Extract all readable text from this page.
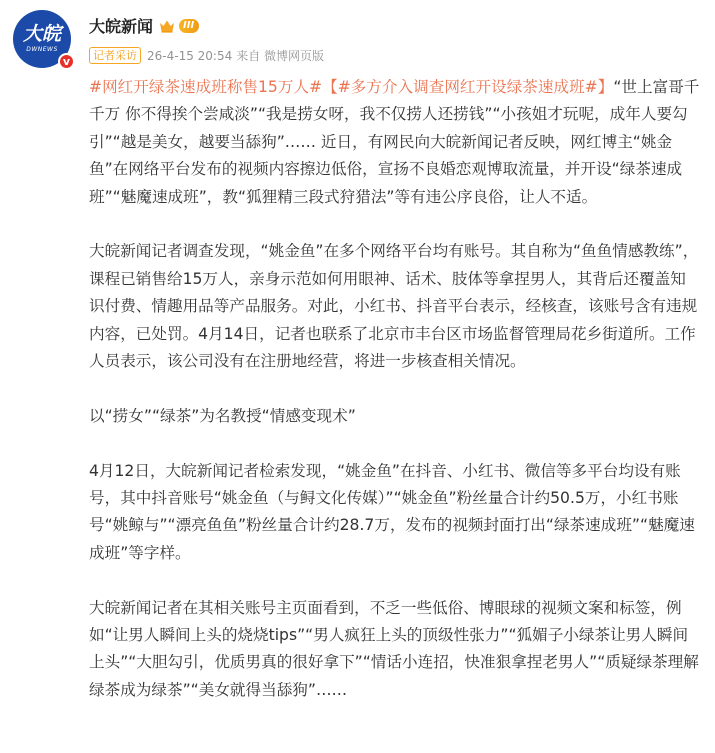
大皖
DWNEWS
v
大皖新闻	III
记者采访 26-4-15 20:54 来自 微博网页版

#网红开绿茶速成班称售15万人#【#多方介入调查网红开设绿茶速成班#】“世上富哥千千万 你不得挨个尝咸淡”“我是捞女呀，我不仅捞人还捞钱”“小孩姐才玩呢，成年人要勾引”“越是美女，越要当舔狗”…… 近日，有网民向大皖新闻记者反映，网红博主“姚金鱼”在网络平台发布的视频内容擦边低俗，宣扬不良婚恋观博取流量，并开设“绿茶速成班”“魅魔速成班”，教“狐狸精三段式狩猎法”等有违公序良俗，让人不适。

大皖新闻记者调查发现，“姚金鱼”在多个网络平台均有账号。其自称为“鱼鱼情感教练”，课程已销售给15万人，亲身示范如何用眼神、话术、肢体等拿捏男人，其背后还覆盖知识付费、情趣用品等产品服务。对此，小红书、抖音平台表示，经核查，该账号含有违规内容，已处罚。4月14日，记者也联系了北京市丰台区市场监督管理局花乡街道所。工作人员表示，该公司没有在注册地经营，将进一步核查相关情况。

以“捞女”“绿茶”为名教授“情感变现术”

4月12日，大皖新闻记者检索发现，“姚金鱼”在抖音、小红书、微信等多平台均设有账号，其中抖音账号“姚金鱼（与鲟文化传媒）”“姚金鱼”粉丝量合计约50.5万，小红书账号“姚鲸与”“漂亮鱼鱼”粉丝量合计约28.7万，发布的视频封面打出“绿茶速成班”“魅魔速成班”等字样。

大皖新闻记者在其相关账号主页面看到，不乏一些低俗、博眼球的视频文案和标签，例如“让男人瞬间上头的烧烧tips”“男人疯狂上头的顶级性张力”“狐媚子小绿茶让男人瞬间上头”“大胆勾引，优质男真的很好拿下”“情话小连招，快准狠拿捏老男人”“质疑绿茶理解绿茶成为绿茶”“美女就得当舔狗”……
